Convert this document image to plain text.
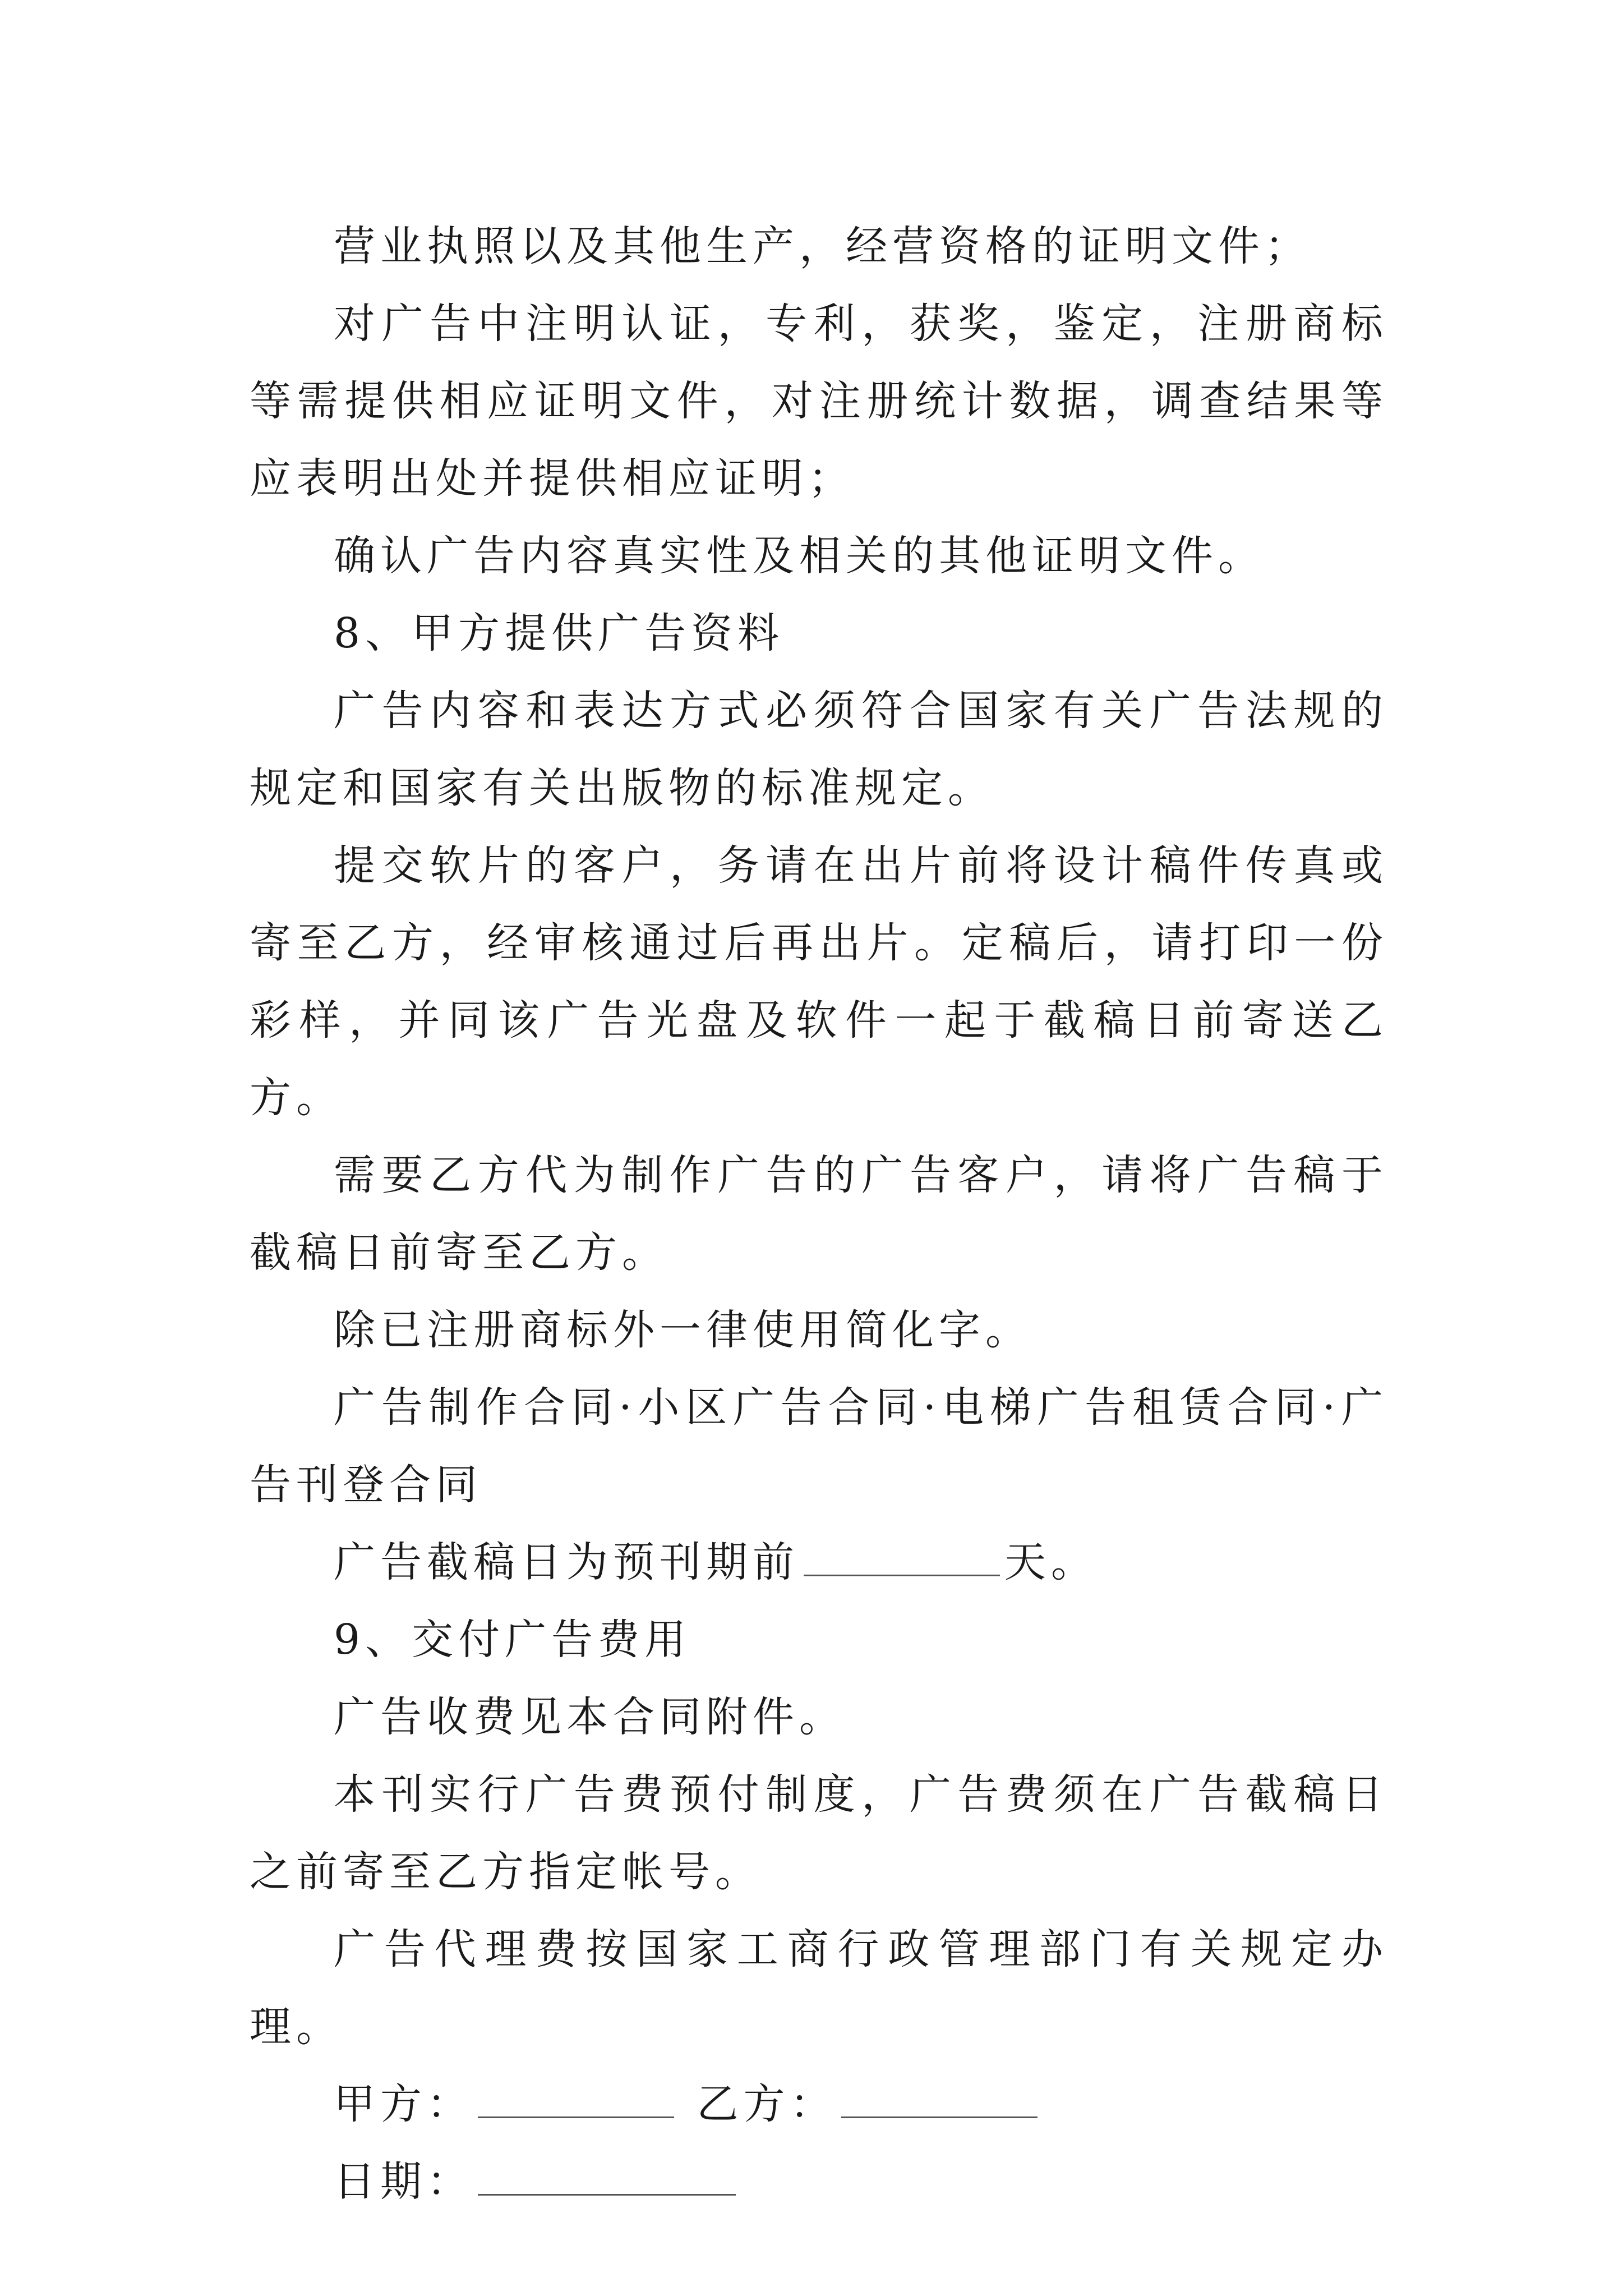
营业执照以及其他生产，经营资格的证明文件；

对广告中注明认证，专利，获奖，鉴定，注册商标等需提供相应证明文件，对注册统计数据，调查结果等应表明出处并提供相应证明；

确认广告内容真实性及相关的其他证明文件。

8、甲方提供广告资料

广告内容和表达方式必须符合国家有关广告法规的规定和国家有关出版物的标准规定。

提交软片的客户，务请在出片前将设计稿件传真或寄至乙方，经审核通过后再出片。定稿后，请打印一份彩样，并同该广告光盘及软件一起于截稿日前寄送乙方。

需要乙方代为制作广告的广告客户，请将广告稿于截稿日前寄至乙方。

除已注册商标外一律使用简化字。

广告制作合同·小区广告合同·电梯广告租赁合同·广告刊登合同

广告截稿日为预刊期前	天。

9、交付广告费用

广告收费见本合同附件。

本刊实行广告费预付制度，广告费须在广告截稿日之前寄至乙方指定帐号。

广告代理费按国家工商行政管理部门有关规定办理。

甲方：	乙方：

日期：
